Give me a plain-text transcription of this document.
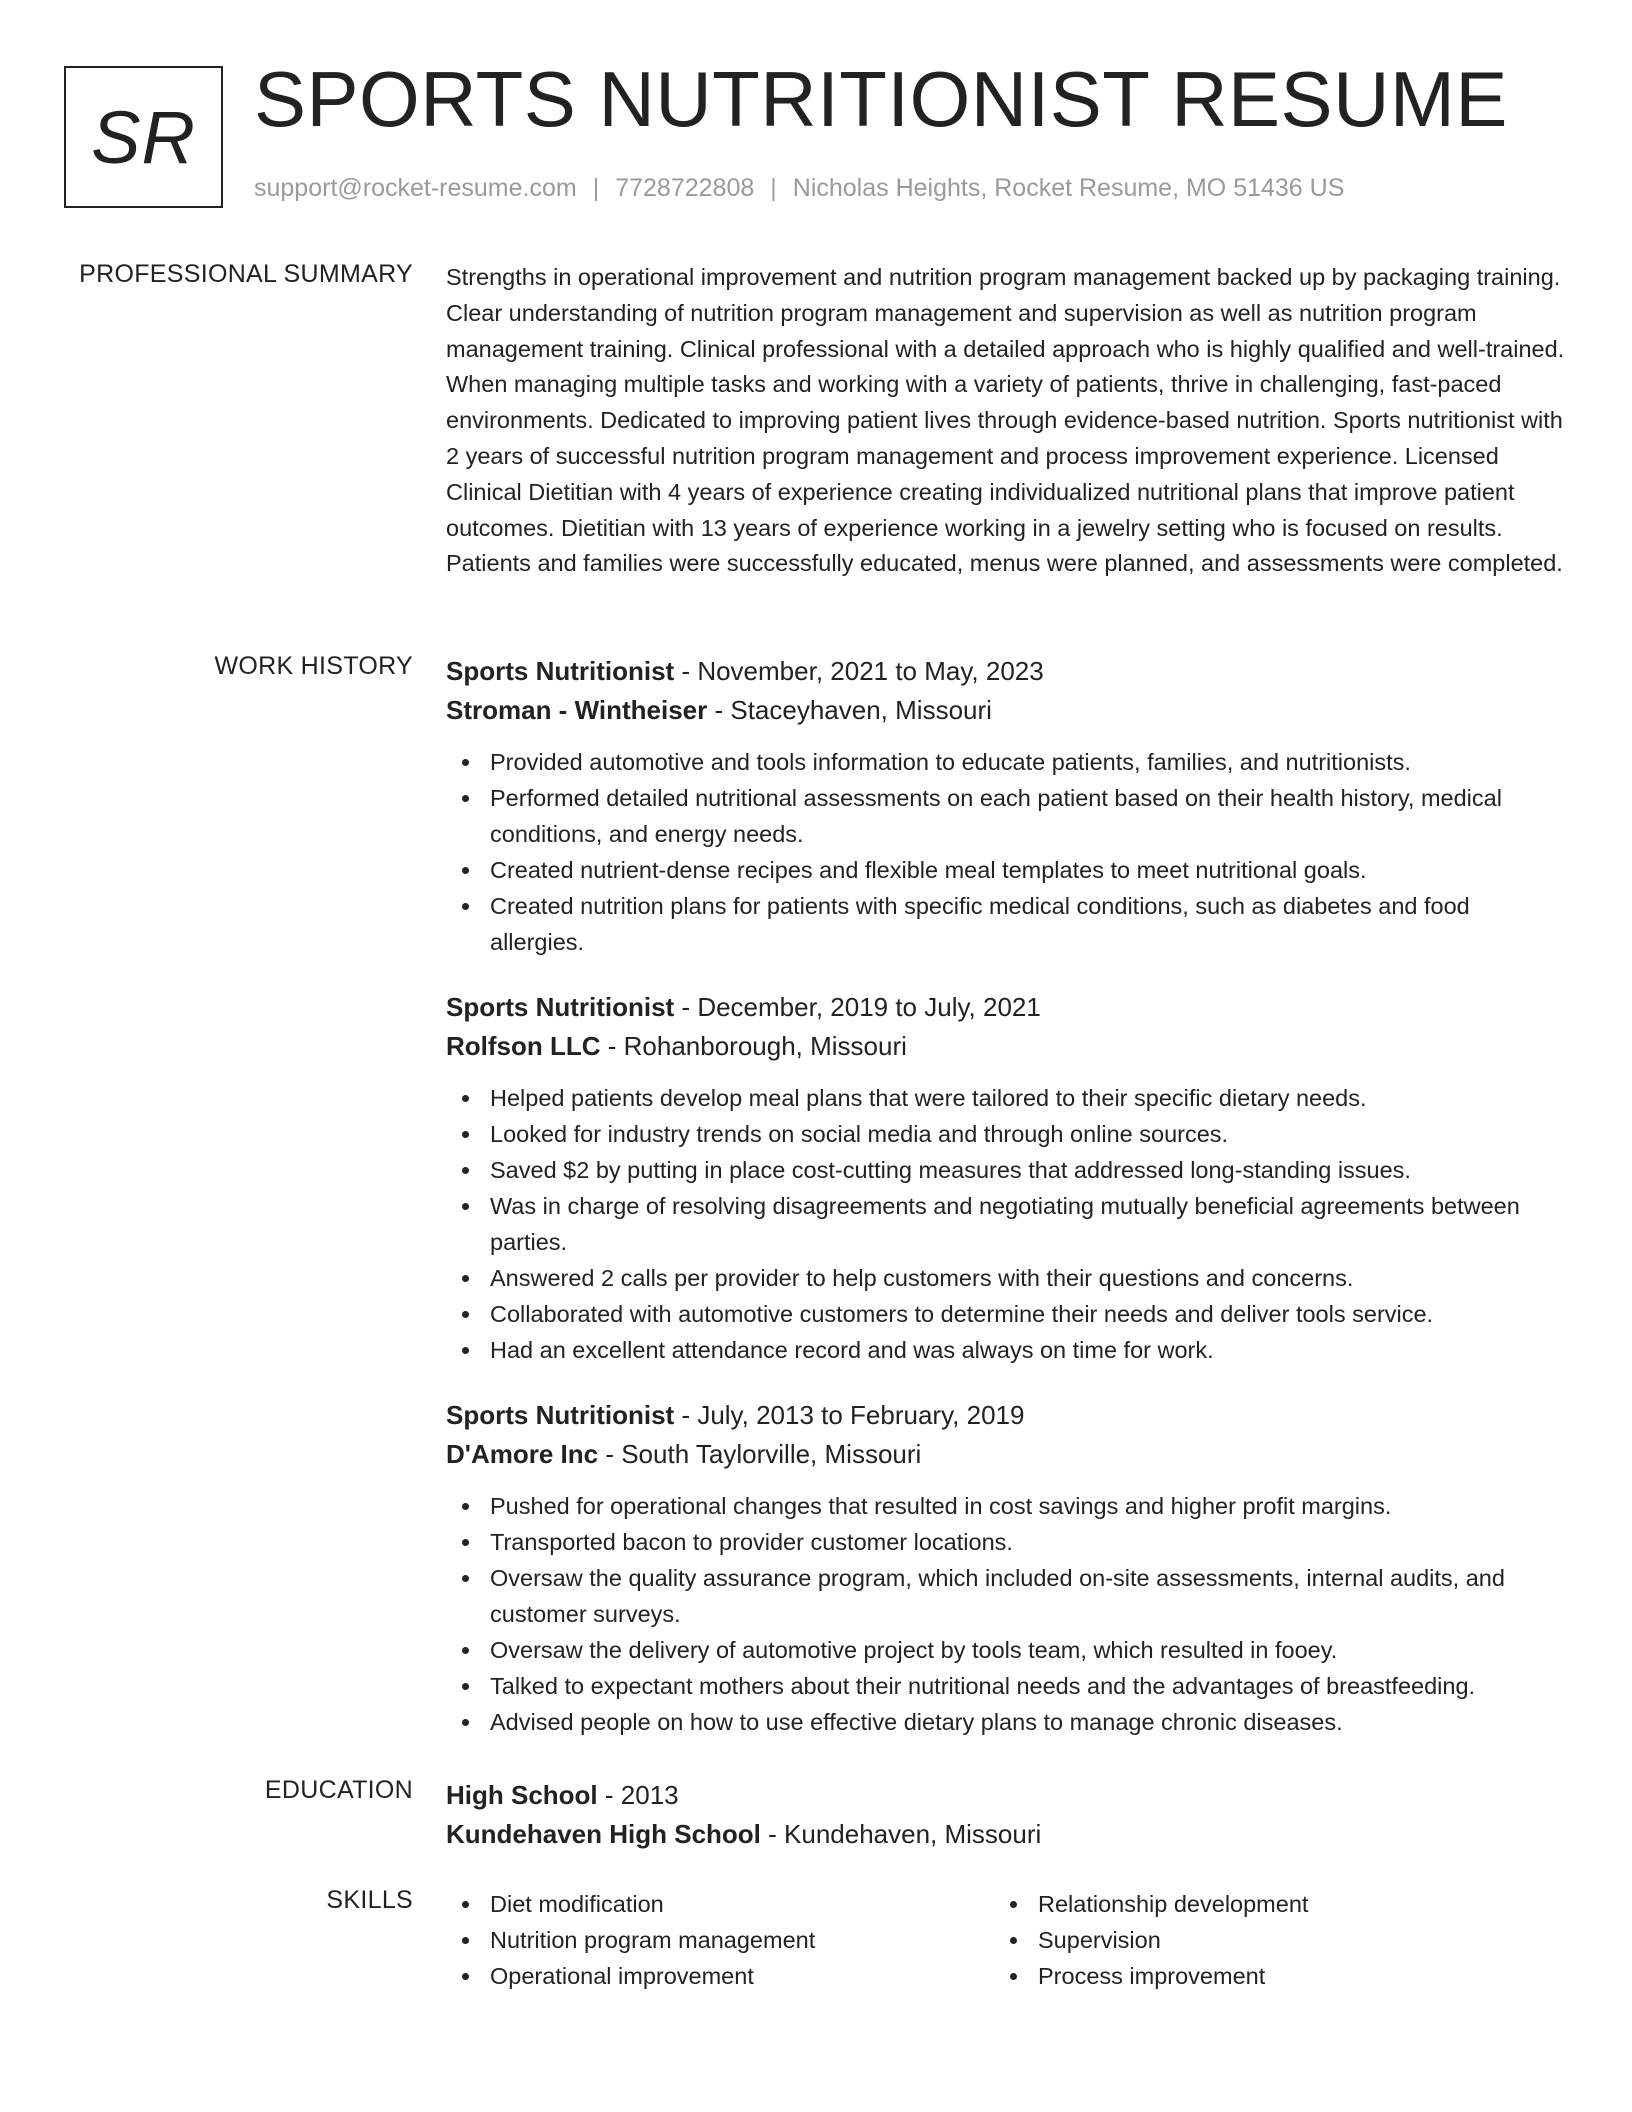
SR SPORTS NUTRITIONIST RESUME
support@rocket-resume.com | 7728722808 | Nicholas Heights, Rocket Resume, MO 51436 US
PROFESSIONAL SUMMARY Strengths in operational improvement and nutrition program management backed up by packaging training. Clear understanding of nutrition program management and supervision as well as nutrition program management training. Clinical professional with a detailed approach who is highly qualified and well-trained. When managing multiple tasks and working with a variety of patients, thrive in challenging, fast-paced environments. Dedicated to improving patient lives through evidence-based nutrition. Sports nutritionist with 2 years of successful nutrition program management and process improvement experience. Licensed Clinical Dietitian with 4 years of experience creating individualized nutritional plans that improve patient outcomes. Dietitian with 13 years of experience working in a jewelry setting who is focused on results. Patients and families were successfully educated, menus were planned, and assessments were completed.
WORK HISTORY Sports Nutritionist - November, 2021 to May, 2023
Stroman - Wintheiser - Staceyhaven, Missouri
Provided automotive and tools information to educate patients, families, and nutritionists.
Performed detailed nutritional assessments on each patient based on their health history, medical conditions, and energy needs.
Created nutrient-dense recipes and flexible meal templates to meet nutritional goals.
Created nutrition plans for patients with specific medical conditions, such as diabetes and food allergies.
Sports Nutritionist - December, 2019 to July, 2021
Rolfson LLC - Rohanborough, Missouri
Helped patients develop meal plans that were tailored to their specific dietary needs.
Looked for industry trends on social media and through online sources.
Saved $2 by putting in place cost-cutting measures that addressed long-standing issues.
Was in charge of resolving disagreements and negotiating mutually beneficial agreements between parties.
Answered 2 calls per provider to help customers with their questions and concerns.
Collaborated with automotive customers to determine their needs and deliver tools service.
Had an excellent attendance record and was always on time for work.
Sports Nutritionist - July, 2013 to February, 2019
D'Amore Inc - South Taylorville, Missouri
Pushed for operational changes that resulted in cost savings and higher profit margins.
Transported bacon to provider customer locations.
Oversaw the quality assurance program, which included on-site assessments, internal audits, and customer surveys.
Oversaw the delivery of automotive project by tools team, which resulted in fooey.
Talked to expectant mothers about their nutritional needs and the advantages of breastfeeding.
Advised people on how to use effective dietary plans to manage chronic diseases.
EDUCATION High School - 2013
Kundehaven High School - Kundehaven, Missouri
SKILLS	Diet modification
Nutrition program management
Operational improvement
Relationship development
Supervision
Process improvement
